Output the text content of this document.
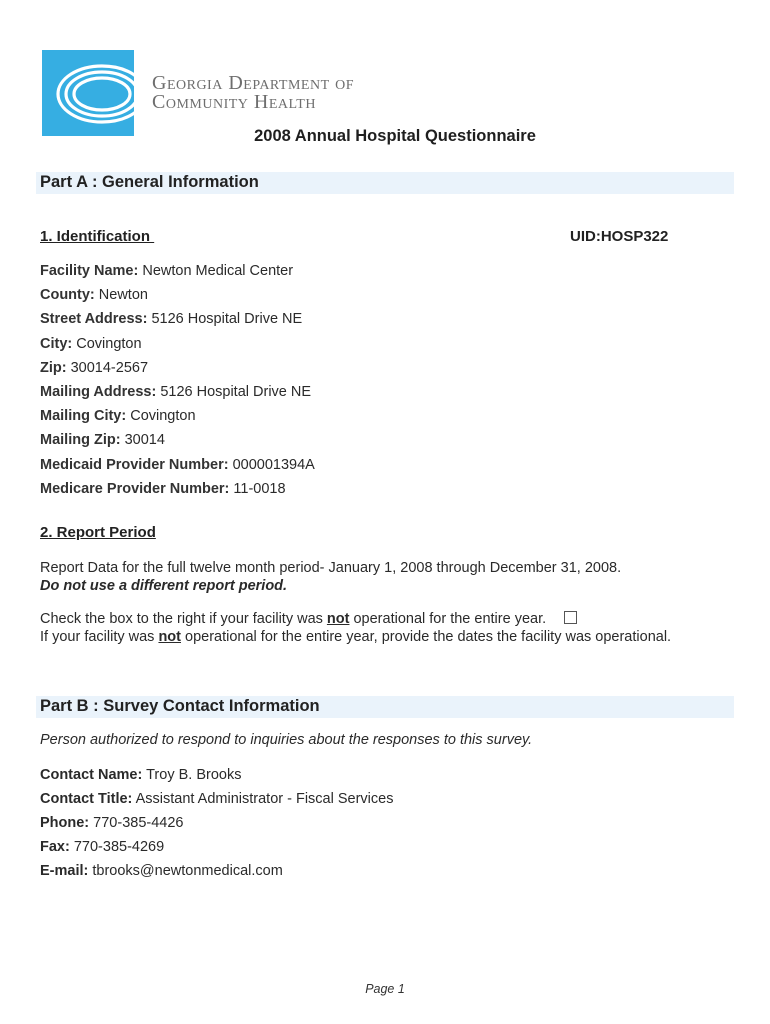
Georgia Department of
Community Health
2008 Annual Hospital Questionnaire
Part A : General Information
1. Identification	UID:HOSP322
Facility Name: Newton Medical Center
County: Newton
Street Address: 5126 Hospital Drive NE
City: Covington
Zip: 30014-2567
Mailing Address: 5126 Hospital Drive NE
Mailing City: Covington
Mailing Zip: 30014
Medicaid Provider Number: 000001394A
Medicare Provider Number: 11-0018
2. Report Period
Report Data for the full twelve month period- January 1, 2008 through December 31, 2008.
Do not use a different report period.
Check the box to the right if your facility was not operational for the entire year.
If your facility was not operational for the entire year, provide the dates the facility was operational.
Part B : Survey Contact Information
Person authorized to respond to inquiries about the responses to this survey.
Contact Name: Troy B. Brooks
Contact Title: Assistant Administrator - Fiscal Services
Phone: 770-385-4426
Fax: 770-385-4269
E-mail: tbrooks@newtonmedical.com
Page 1
